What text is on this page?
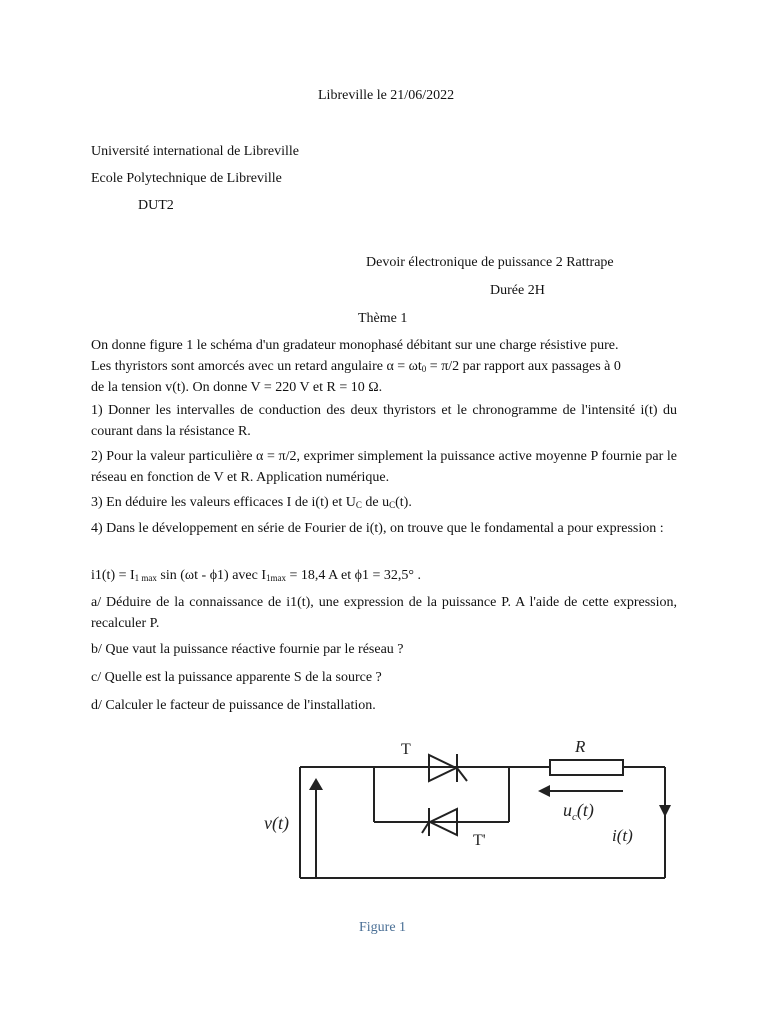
Libreville le 21/06/2022
Université international de Libreville
Ecole Polytechnique de Libreville
DUT2
Devoir électronique de puissance 2 Rattrape
Durée 2H
Thème 1

On donne figure 1 le schéma d'un gradateur monophasé débitant sur une charge résistive pure.

Les thyristors sont amorcés avec un retard angulaire $\alpha = \omega t_0 = \pi/2$ par rapport aux passages à 0

de la tension v(t). On donne V = 220 V et R = 10 Ω.

1) Donner les intervalles de conduction des deux thyristors et le chronogramme de l'intensité i(t) du courant dans la résistance R.
2) Pour la valeur particulière α = π/2, exprimer simplement la puissance active moyenne P fournie par le réseau en fonction de V et R. Application numérique.
3) En déduire les valeurs efficaces I de i(t) et $U_C$ de $u_C(t)$.
4) Dans le développement en série de Fourier de i(t), on trouve que le fondamental a pour expression :
$i1(t) = I_{1 max}$ sin (ωt - ϕ1) avec $I_{1max} = 18,4$ A et ϕ1 = 32,5° .
a/ Déduire de la connaissance de i1(t), une expression de la puissance P. A l'aide de cette expression, recalculer P.
b/ Que vaut la puissance réactive fournie par le réseau ?
c/ Quelle est la puissance apparente S de la source ?
d/ Calculer le facteur de puissance de l'installation.
T
T'
R
v(t)
$u_c(t)$
i(t)
Figure 1
